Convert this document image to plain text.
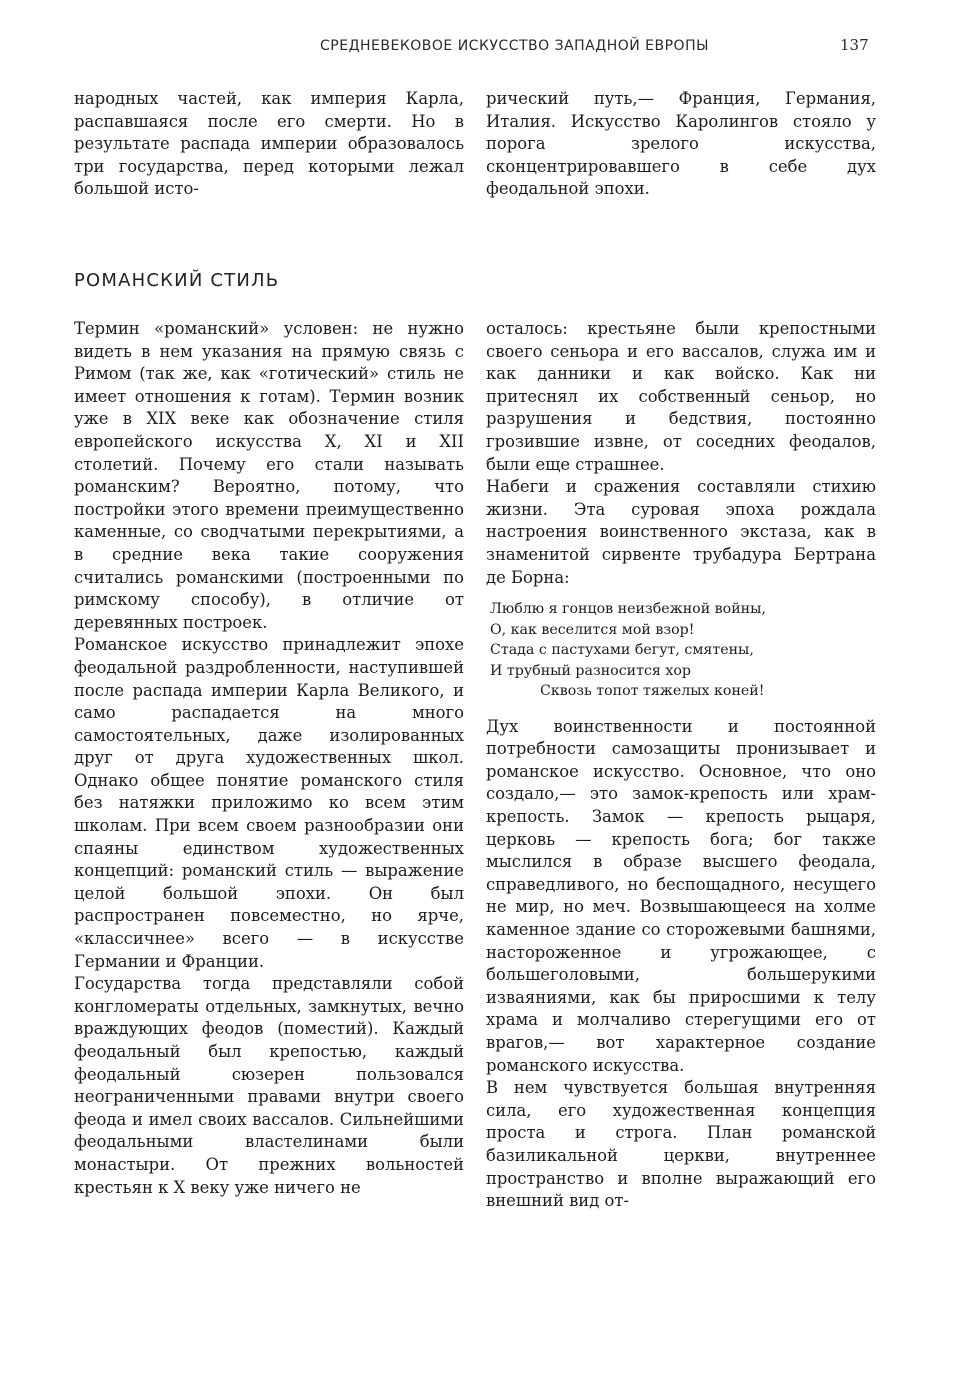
СРЕДНЕВЕКОВОЕ ИСКУССТВО ЗАПАДНОЙ ЕВРОПЫ	137

народных частей, как империя Карла, распавшаяся после его смерти. Но в результате распада империи образовалось три государства, перед которыми лежал большой исто-

рический путь,— Франция, Германия, Италия. Искусство Каролингов стояло у порога зрелого искусства, сконцентрировавшего в себе дух феодальной эпохи.

РОМАНСКИЙ СТИЛЬ

Термин «романский» условен: не нужно видеть в нем указания на прямую связь с Римом (так же, как «готический» стиль не имеет отношения к готам). Термин возник уже в XIX веке как обозначение стиля европейского искусства X, XI и XII столетий. Почему его стали называть романским? Вероятно, потому, что постройки этого времени преимущественно каменные, со сводчатыми перекрытиями, а в средние века такие сооружения считались романскими (построенными по римскому способу), в отличие от деревянных построек.

Романское искусство принадлежит эпохе феодальной раздробленности, наступившей после распада империи Карла Великого, и само распадается на много самостоятельных, даже изолированных друг от друга художественных школ. Однако общее понятие романского стиля без натяжки приложимо ко всем этим школам. При всем своем разнообразии они спаяны единством художественных концепций: романский стиль — выражение целой большой эпохи. Он был распространен повсеместно, но ярче, «классичнее» всего — в искусстве Германии и Франции.

Государства тогда представляли собой конгломераты отдельных, замкнутых, вечно враждующих феодов (поместий). Каждый феодальный был крепостью, каждый феодальный сюзерен пользовался неограниченными правами внутри своего феода и имел своих вассалов. Сильнейшими феодальными властелинами были монастыри. От прежних вольностей крестьян к X веку уже ничего не

осталось: крестьяне были крепостными своего сеньора и его вассалов, служа им и как данники и как войско. Как ни притеснял их собственный сеньор, но разрушения и бедствия, постоянно грозившие извне, от соседних феодалов, были еще страшнее.

Набеги и сражения составляли стихию жизни. Эта суровая эпоха рождала настроения воинственного экстаза, как в знаменитой сирвенте трубадура Бертрана де Борна:

Люблю я гонцов неизбежной войны,
О, как веселится мой взор!
Стада с пастухами бегут, смятены,
И трубный разносится хор
Сквозь топот тяжелых коней!

Дух воинственности и постоянной потребности самозащиты пронизывает и романское искусство. Основное, что оно создало,— это замок-крепость или храм-крепость. Замок — крепость рыцаря, церковь — крепость бога; бог также мыслился в образе высшего феодала, справедливого, но беспощадного, несущего не мир, но меч. Возвышающееся на холме каменное здание со сторожевыми башнями, настороженное и угрожающее, с большеголовыми, большерукими изваяниями, как бы приросшими к телу храма и молчаливо стерегущими его от врагов,— вот характерное создание романского искусства.

В нем чувствуется большая внутренняя сила, его художественная концепция проста и строга. План романской базиликальной церкви, внутреннее пространство и вполне выражающий его внешний вид от-
